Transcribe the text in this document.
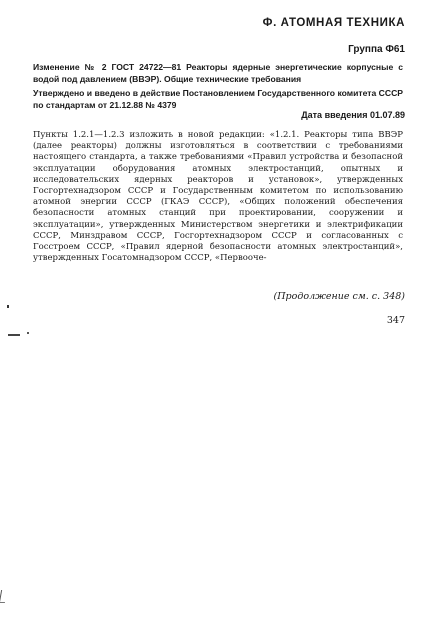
Ф. АТОМНАЯ ТЕХНИКА
Группа Ф61
Изменение № 2 ГОСТ 24722—81 Реакторы ядерные энергетические корпусные с водой под давлением (ВВЭР). Общие технические требования
Утверждено и введено в действие Постановлением Государственного комитета СССР по стандартам от 21.12.88 № 4379
Дата введения 01.07.89
Пункты 1.2.1—1.2.3 изложить в новой редакции: «1.2.1. Реакторы типа ВВЭР (далее реакторы) должны изготовляться в соответствии с требованиями настоящего стандарта, а также требованиями «Правил устройства и безопасной эксплуатации оборудования атомных электростанций, опытных и исследовательских ядерных реакторов и установок», утвержденных Госгортехнадзором СССР и Государственным комитетом по использованию атомной энергии СССР (ГКАЭ СССР), «Общих положений обеспечения безопасности атомных станций при проектировании, сооружении и эксплуатации», утвержденных Министерством энергетики и электрификации СССР, Минздравом СССР, Госгортехнадзором СССР и согласованных с Госстроем СССР, «Правил ядерной безопасности атомных электростанций», утвержденных Госатомнадзором СССР, «Первооче-
(Продолжение см. с. 348)
347
